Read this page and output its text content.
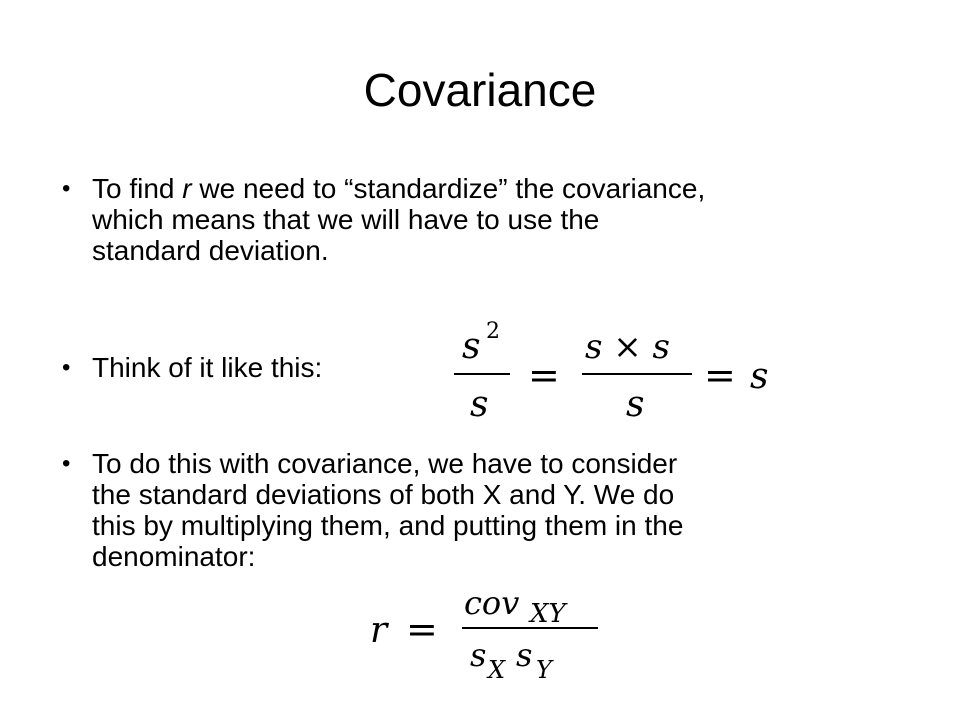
Covariance
• To find r we need to “standardize” the covariance,
which means that we will have to use the
standard deviation.
• Think of it like this:
s 2
s
=
s × s
s
= s
• To do this with covariance, we have to consider
the standard deviations of both X and Y. We do
this by multiplying them, and putting them in the
denominator:
r =
cov XY
s X s Y
